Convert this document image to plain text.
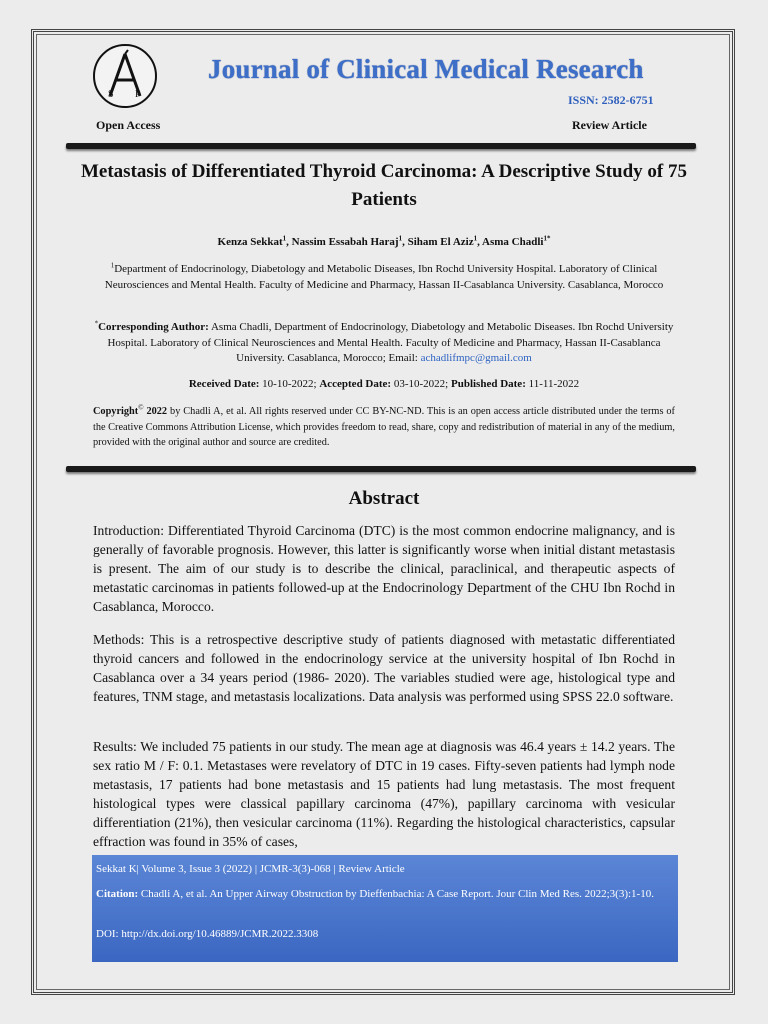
S P
Open Access
Journal of Clinical Medical Research
ISSN: 2582-6751
Review Article
Metastasis of Differentiated Thyroid Carcinoma: A Descriptive Study of 75 Patients
Kenza Sekkat$^1$, Nassim Essabah Haraj$^1$, Siham El Aziz$^1$, Asma Chadli$^{1*}$
$^1$Department of Endocrinology, Diabetology and Metabolic Diseases, Ibn Rochd University Hospital. Laboratory of Clinical Neurosciences and Mental Health. Faculty of Medicine and Pharmacy, Hassan II-Casablanca University. Casablanca, Morocco
*Corresponding Author: Asma Chadli, Department of Endocrinology, Diabetology and Metabolic Diseases. Ibn Rochd University Hospital. Laboratory of Clinical Neurosciences and Mental Health. Faculty of Medicine and Pharmacy, Hassan II-Casablanca University. Casablanca, Morocco; Email: achadlifmpc@gmail.com
Received Date: 10-10-2022; Accepted Date: 03-10-2022; Published Date: 11-11-2022
Copyright© 2022 by Chadli A, et al. All rights reserved under CC BY-NC-ND. This is an open access article distributed under the terms of the Creative Commons Attribution License, which provides freedom to read, share, copy and redistribution of material in any of the medium, provided with the original author and source are credited.
Abstract
Introduction: Differentiated Thyroid Carcinoma (DTC) is the most common endocrine malignancy, and is generally of favorable prognosis. However, this latter is significantly worse when initial distant metastasis is present. The aim of our study is to describe the clinical, paraclinical, and therapeutic aspects of metastatic carcinomas in patients followed-up at the Endocrinology Department of the CHU Ibn Rochd in Casablanca, Morocco.
Methods: This is a retrospective descriptive study of patients diagnosed with metastatic differentiated thyroid cancers and followed in the endocrinology service at the university hospital of Ibn Rochd in Casablanca over a 34 years period (1986- 2020). The variables studied were age, histological type and features, TNM stage, and metastasis localizations. Data analysis was performed using SPSS 22.0 software.
Results: We included 75 patients in our study. The mean age at diagnosis was 46.4 years ± 14.2 years. The sex ratio M / F: 0.1. Metastases were revelatory of DTC in 19 cases. Fifty-seven patients had lymph node metastasis, 17 patients had bone metastasis and 15 patients had lung metastasis. The most frequent histological types were classical papillary carcinoma (47%), papillary carcinoma with vesicular differentiation (21%), then vesicular carcinoma (11%). Regarding the histological characteristics, capsular effraction was found in 35% of cases,
Sekkat K| Volume 3, Issue 3 (2022) | JCMR-3(3)-068 | Review Article
Citation: Chadli A, et al. An Upper Airway Obstruction by Dieffenbachia: A Case Report. Jour Clin Med Res. 2022;3(3):1-10.
DOI: http://dx.doi.org/10.46889/JCMR.2022.3308
